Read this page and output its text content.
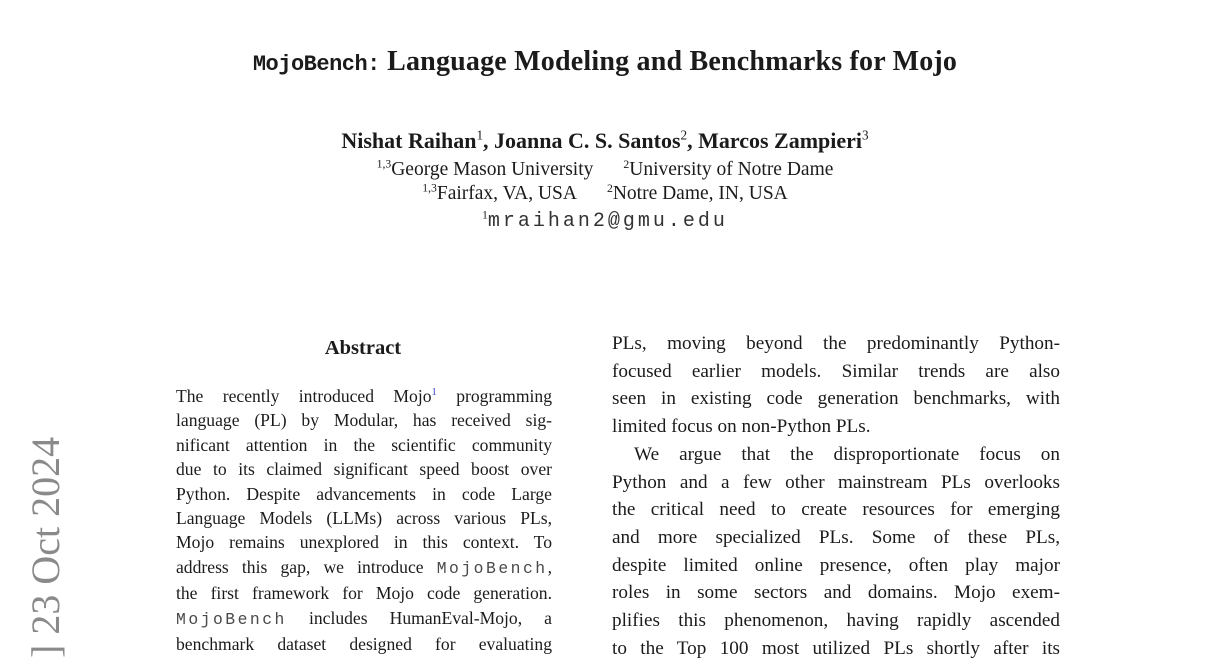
]23 Oct 2024
MojoBench: Language Modeling and Benchmarks for Mojo
Nishat Raihan$^1$, Joanna C. S. Santos$^2$, Marcos Zampieri$^3$
$^{1,3}$George Mason University	$^2$University of Notre Dame
$^{1,3}$Fairfax, VA, USA	$^2$Notre Dame, IN, USA
$^1$mraihan2@gmu.edu
Abstract
The recently introduced Mojo$^1$ programming
language (PL) by Modular, has received sig-
nificant attention in the scientific community
due to its claimed significant speed boost over
Python. Despite advancements in code Large
Language Models (LLMs) across various PLs,
Mojo remains unexplored in this context. To
address this gap, we introduce MojoBench,
the first framework for Mojo code generation.
MojoBench includes HumanEval-Mojo, a
benchmark dataset designed for evaluating
PLs, moving beyond the predominantly Python-
focused earlier models. Similar trends are also
seen in existing code generation benchmarks, with
limited focus on non-Python PLs.
We argue that the disproportionate focus on
Python and a few other mainstream PLs overlooks
the critical need to create resources for emerging
and more specialized PLs. Some of these PLs,
despite limited online presence, often play major
roles in some sectors and domains. Mojo exem-
plifies this phenomenon, having rapidly ascended
to the Top 100 most utilized PLs shortly after its
